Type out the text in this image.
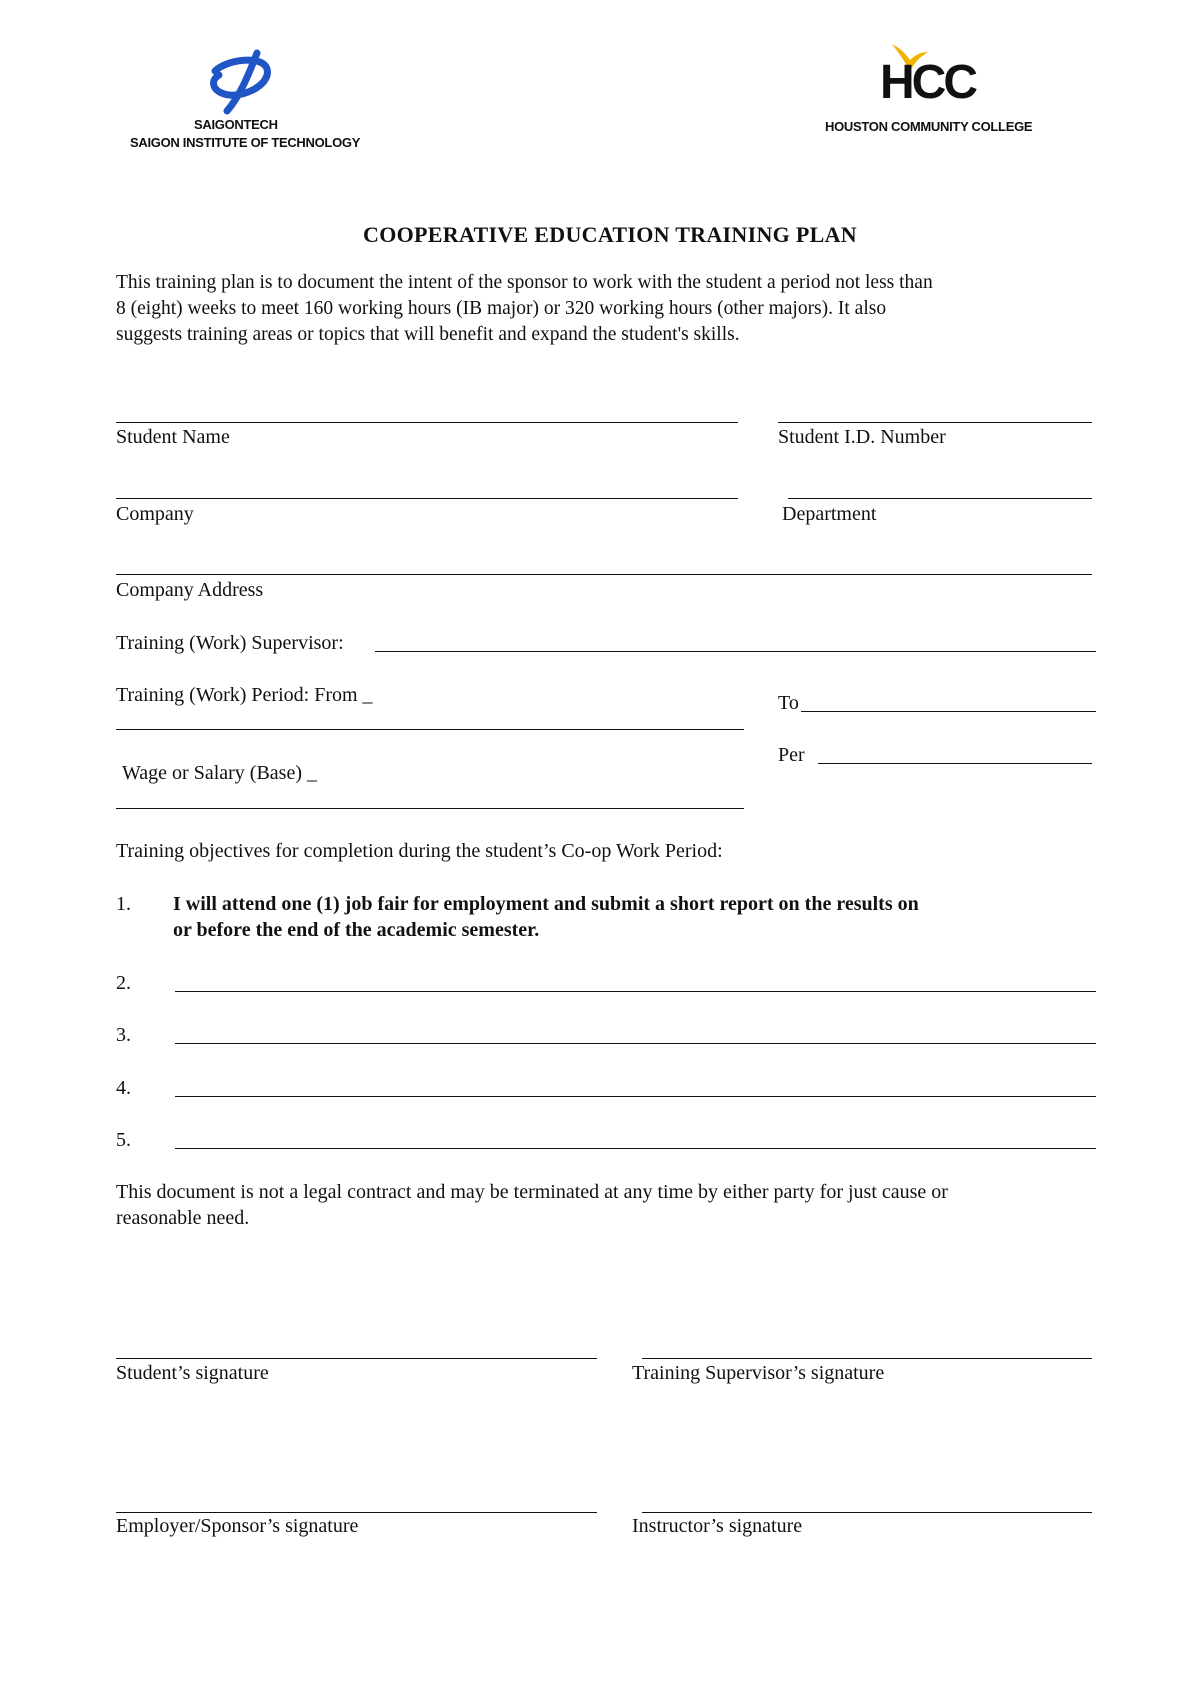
SAIGONTECH
SAIGON INSTITUTE OF TECHNOLOGY
HCC
HOUSTON COMMUNITY COLLEGE
COOPERATIVE EDUCATION TRAINING PLAN
This training plan is to document the intent of the sponsor to work with the student a period not less than
8 (eight) weeks to meet 160 working hours (IB major) or 320 working hours (other majors). It also
suggests training areas or topics that will benefit and expand the student's skills.
Student Name	Student I.D. Number
Company	Department
Company Address
Training (Work) Supervisor:
Training (Work) Period: From _	To
Wage or Salary (Base) _
Per
Training objectives for completion during the student’s Co-op Work Period:
1. I will attend one (1) job fair for employment and submit a short report on the results on
or before the end of the academic semester.
2.
3.
4.
5.
This document is not a legal contract and may be terminated at any time by either party for just cause or
reasonable need.
Student’s signature	Training Supervisor’s signature
Employer/Sponsor’s signature	Instructor’s signature
